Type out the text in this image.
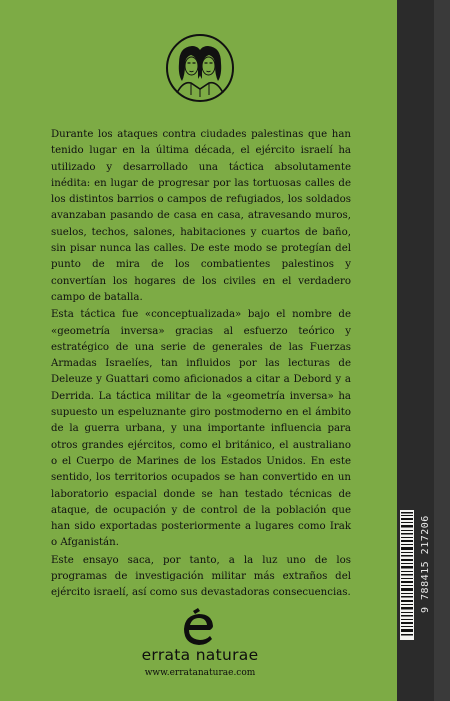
Durante los ataques contra ciudades palestinas que han tenido lugar en la última década, el ejército israelí ha utilizado y desarrollado una táctica absolutamente inédita: en lugar de progresar por las tortuosas calles de los distintos barrios o campos de refugiados, los soldados avanzaban pasando de casa en casa, atravesando muros, suelos, techos, salones, habitaciones y cuartos de baño, sin pisar nunca las calles. De este modo se protegían del punto de mira de los combatientes palestinos y convertían los hogares de los civiles en el verdadero campo de batalla.

Esta táctica fue «conceptualizada» bajo el nombre de «geometría inversa» gracias al esfuerzo teórico y estratégico de una serie de generales de las Fuerzas Armadas Israelíes, tan influidos por las lecturas de Deleuze y Guattari como aficionados a citar a Debord y a Derrida. La táctica militar de la «geometría inversa» ha supuesto un espeluznante giro postmoderno en el ámbito de la guerra urbana, y una importante influencia para otros grandes ejércitos, como el británico, el australiano o el Cuerpo de Marines de los Estados Unidos. En este sentido, los territorios ocupados se han convertido en un laboratorio espacial donde se han testado técnicas de ataque, de ocupación y de control de la población que han sido exportadas posteriormente a lugares como Irak o Afganistán.

Este ensayo saca, por tanto, a la luz uno de los programas de investigación militar más extraños del ejército israelí, así como sus devastadoras consecuencias.

errata naturae
www.erratanaturae.com
9 788415 217206
